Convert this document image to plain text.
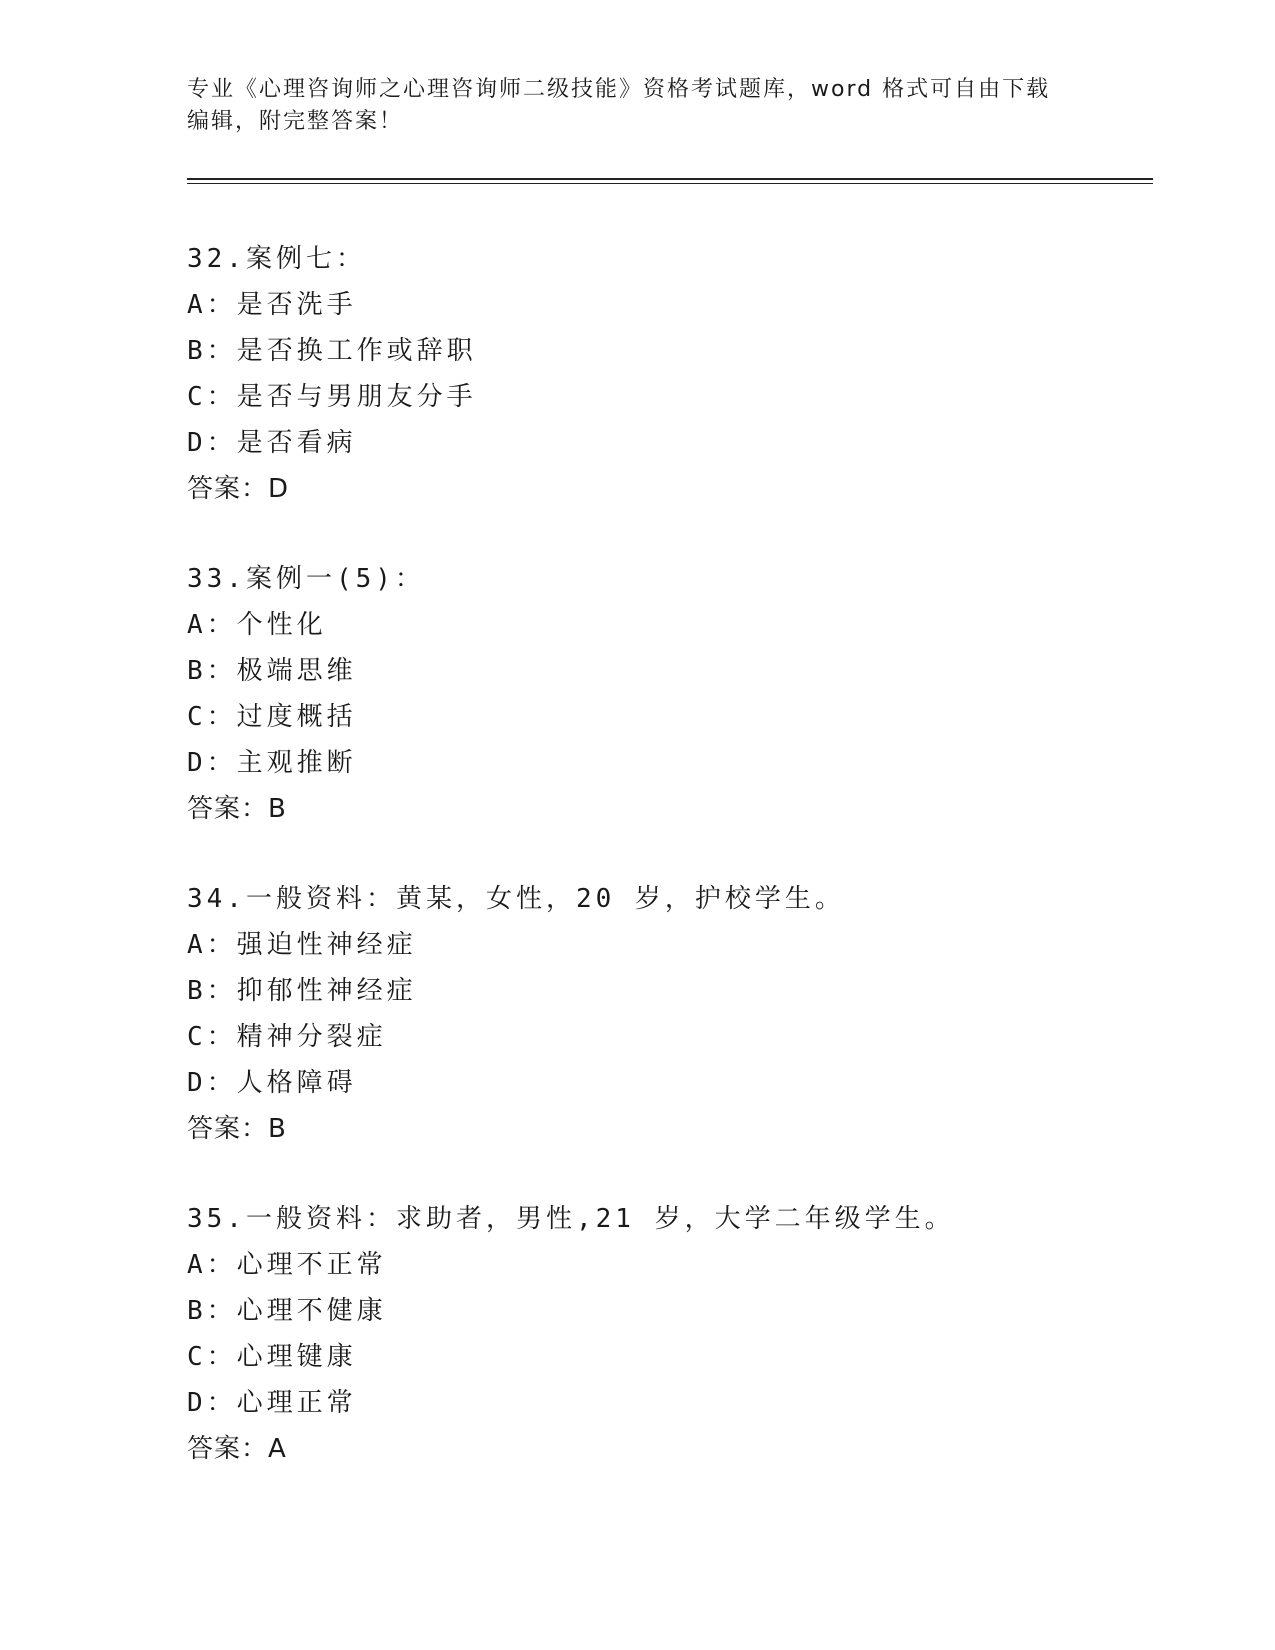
专业《心理咨询师之心理咨询师二级技能》资格考试题库，word 格式可自由下载
编辑，附完整答案！
32.案例七：
A：是否洗手
B：是否换工作或辞职
C：是否与男朋友分手
D：是否看病
答案：D
33.案例一(5)：
A：个性化
B：极端思维
C：过度概括
D：主观推断
答案：B
34.一般资料：黄某，女性，20 岁，护校学生。
A：强迫性神经症
B：抑郁性神经症
C：精神分裂症
D：人格障碍
答案：B
35.一般资料：求助者，男性,21 岁，大学二年级学生。
A：心理不正常
B：心理不健康
C：心理键康
D：心理正常
答案：A
